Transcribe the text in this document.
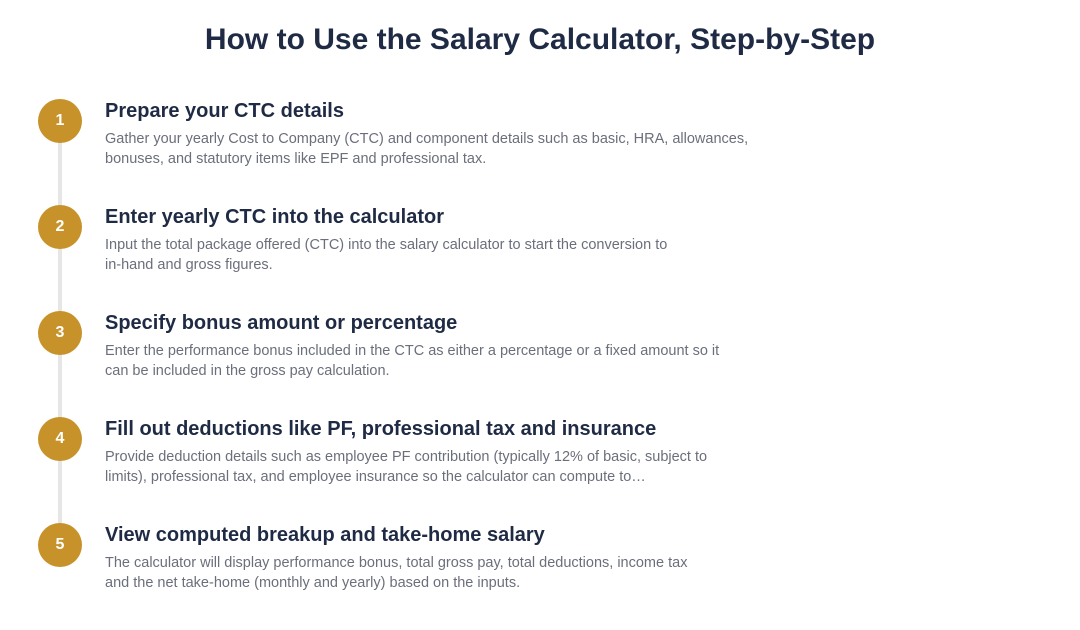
How to Use the Salary Calculator, Step-by-Step
1	Prepare your CTC details
Gather your yearly Cost to Company (CTC) and component details such as basic, HRA, allowances,
bonuses, and statutory items like EPF and professional tax.
2	Enter yearly CTC into the calculator
Input the total package offered (CTC) into the salary calculator to start the conversion to
in-hand and gross figures.
3	Specify bonus amount or percentage
Enter the performance bonus included in the CTC as either a percentage or a fixed amount so it
can be included in the gross pay calculation.
4	Fill out deductions like PF, professional tax and insurance
Provide deduction details such as employee PF contribution (typically 12% of basic, subject to
limits), professional tax, and employee insurance so the calculator can compute to…
5	View computed breakup and take-home salary
The calculator will display performance bonus, total gross pay, total deductions, income tax
and the net take-home (monthly and yearly) based on the inputs.
